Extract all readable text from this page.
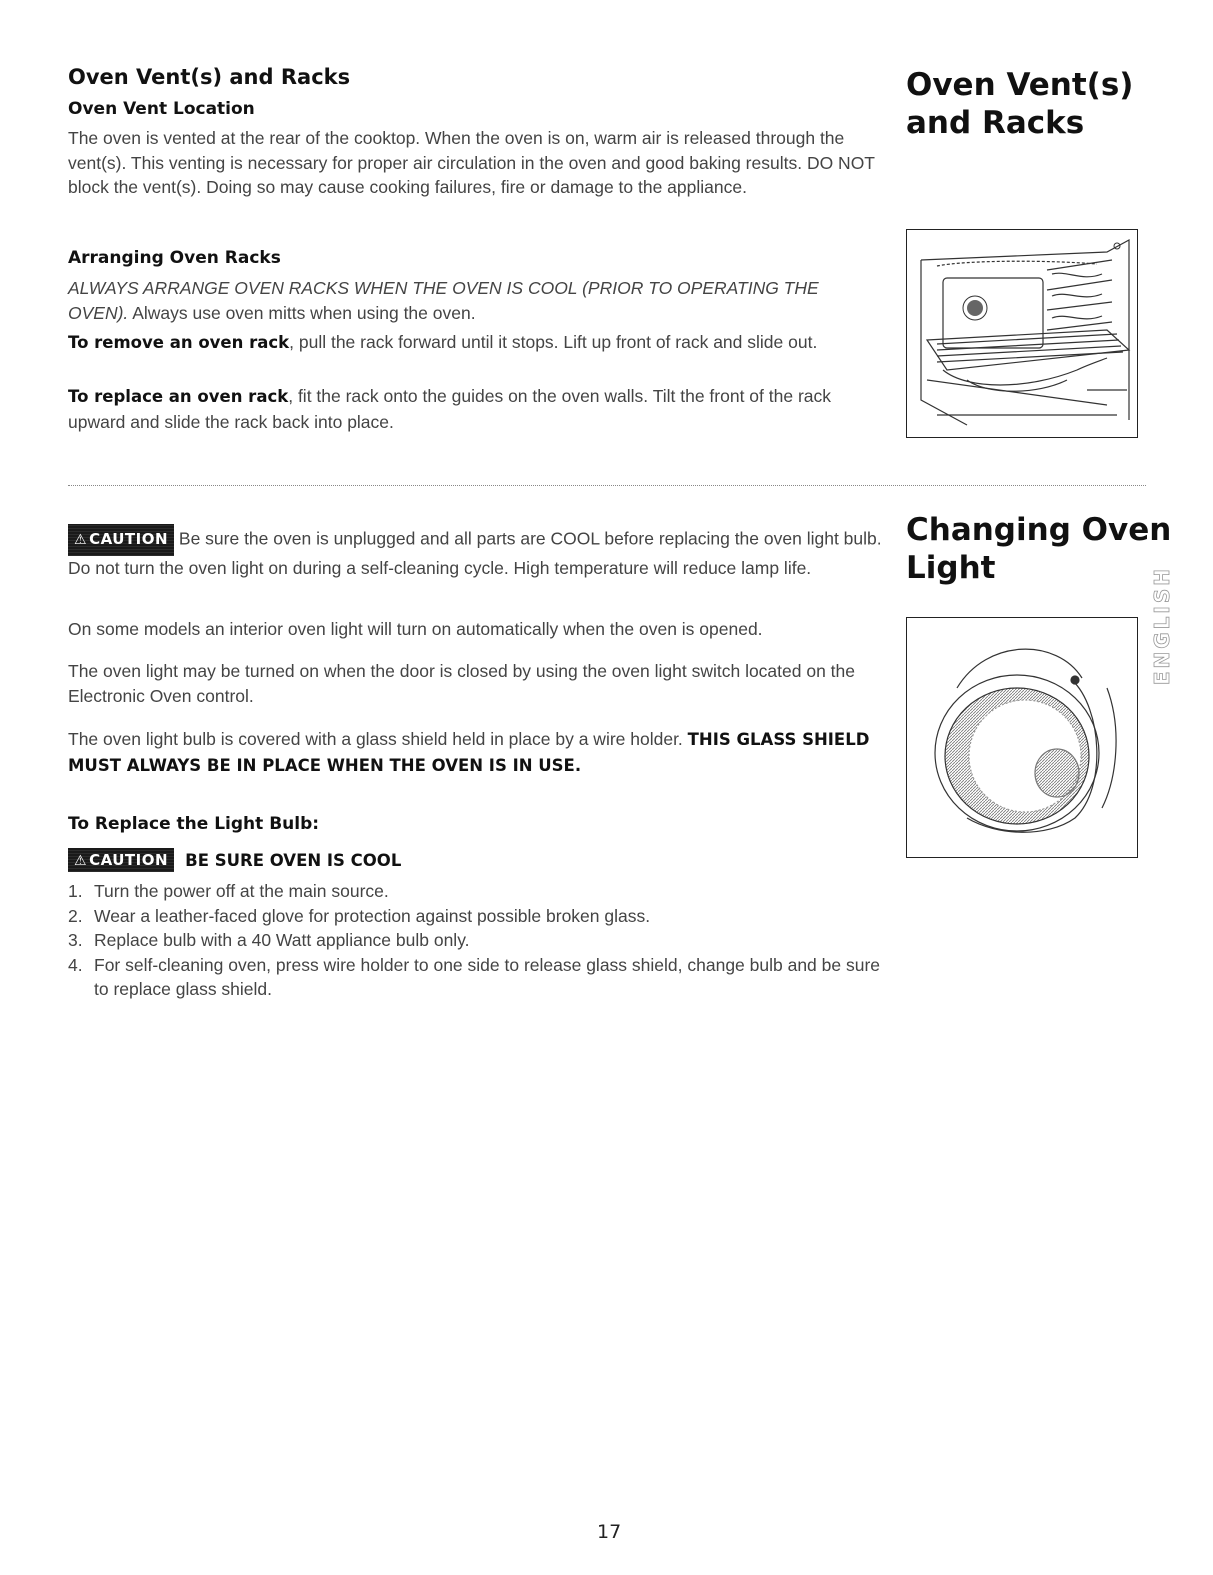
Oven Vent(s) and Racks
Oven Vent Location

The oven is vented at the rear of the cooktop. When the oven is on, warm air is released through the vent(s). This venting is necessary for proper air circulation in the oven and good baking results. DO NOT block the vent(s). Doing so may cause cooking failures, fire or damage to the appliance.

Arranging Oven Racks

ALWAYS ARRANGE OVEN RACKS WHEN THE OVEN IS COOL (PRIOR TO OPERATING THE OVEN). Always use oven mitts when using the oven.

To remove an oven rack, pull the rack forward until it stops. Lift up front of rack and slide out.

To replace an oven rack, fit the rack onto the guides on the oven walls. Tilt the front of the rack upward and slide the rack back into place.

Oven Vent(s)
and Racks

⚠ CAUTION Be sure the oven is unplugged and all parts are COOL before replacing the oven light bulb. Do not turn the oven light on during a self-cleaning cycle. High temperature will reduce lamp life.

On some models an interior oven light will turn on automatically when the oven is opened.

The oven light may be turned on when the door is closed by using the oven light switch located on the Electronic Oven control.

The oven light bulb is covered with a glass shield held in place by a wire holder. THIS GLASS SHIELD MUST ALWAYS BE IN PLACE WHEN THE OVEN IS IN USE.

To Replace the Light Bulb:
⚠ CAUTION BE SURE OVEN IS COOL
1. Turn the power off at the main source.
2. Wear a leather-faced glove for protection against possible broken glass.
3. Replace bulb with a 40 Watt appliance bulb only.
4. For self-cleaning oven, press wire holder to one side to release glass shield, change bulb and be sure to replace glass shield.
Changing Oven
Light	ENGLISH
17
